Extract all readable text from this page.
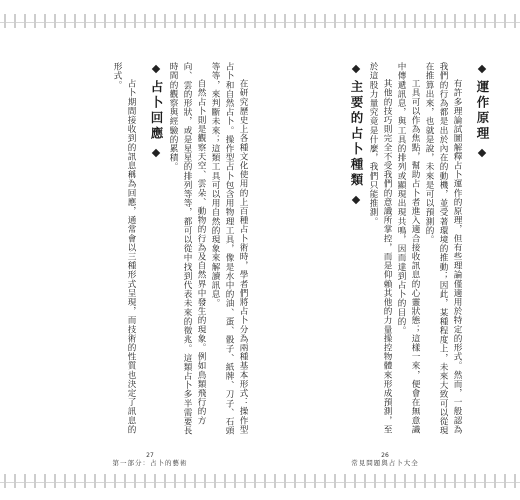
運作原理

有許多理論試圖解釋占卜運作的原理，但有些理論僅適用於特定的形式。然而，一般認為我們的行為都是出於內在的動機，並受著環境的推動；因此，某種程度上，未來大致可以從現在推算出來，也就是說，未來是可以預測的。

工具可以作為焦點，幫助占卜者進入適合接收訊息的心靈狀態；這樣一來，便會在無意識中傳遞訊息，與工具的排列或顯現出現共鳴，因而達到占卜的目的。

其他的技巧則完全不受我們的意識所掌控，而是仰賴其他的力量操控物體來形成預測，至於這股力量究竟是什麼，我們只能推測。

主要的占卜種類

在研究歷史上各種文化使用的上百種占卜術時，學者們將占卜分為兩種基本形式：操作型占卜和自然占卜。操作型占卜包含用物理工具，像是水中的油、蛋、骰子、紙牌、刀子、石頭等等，來判斷未來；這類工具可以用自然的現象來解讀訊息。

自然占卜則是觀察天空、雲朵、動物的行為及自然界中發生的現象。例如鳥類飛行的方向、雲的形狀，或是星星的排列等等，都可以從中找到代表未來的徵兆。這類占卜多半需要長時間的觀察與經驗的累積。

占卜回應

占卜期間接收到的訊息稱為回應，通常會以三種形式呈現，而技術的性質也決定了訊息的形式。

27
第一部分：占卜的藝術
26
常見問題與占卜大全
